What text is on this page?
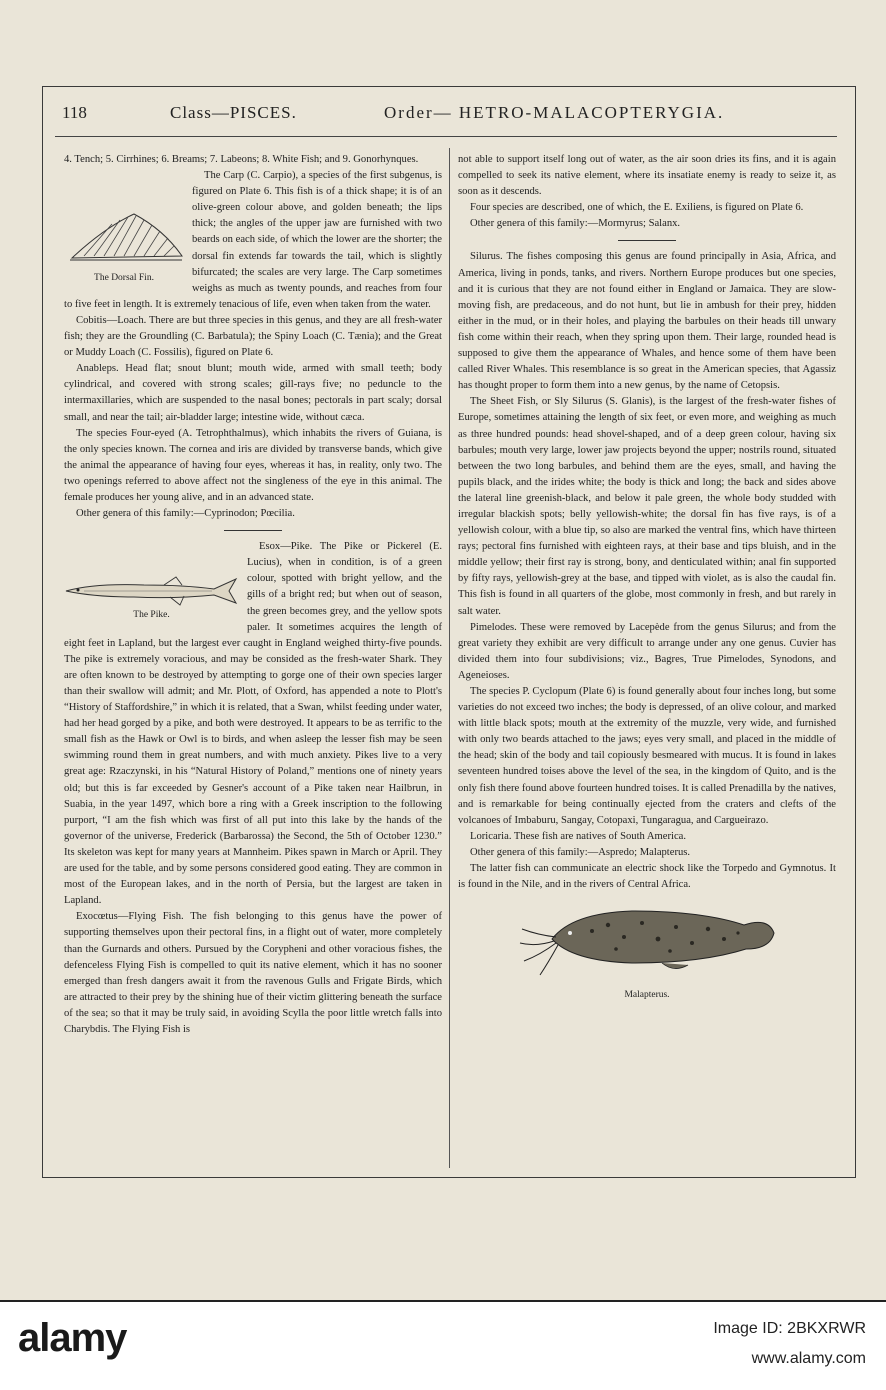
118	Class—PISCES.	Order— HETRO-MALACOPTERYGIA.

4. Tench; 5. Cirrhines; 6. Breams; 7. Labeons; 8. White Fish; and 9. Gonorhynques.

The Dorsal Fin.

The Carp (C. Carpio), a species of the first subgenus, is figured on Plate 6. This fish is of a thick shape; it is of an olive-green colour above, and golden beneath; the lips thick; the angles of the upper jaw are furnished with two beards on each side, of which the lower are the shorter; the dorsal fin extends far towards the tail, which is slightly bifurcated; the scales are very large. The Carp sometimes weighs as much as twenty pounds, and reaches from four to five feet in length. It is extremely tenacious of life, even when taken from the water.

Cobitis—Loach. There are but three species in this genus, and they are all fresh-water fish; they are the Groundling (C. Barbatula); the Spiny Loach (C. Tænia); and the Great or Muddy Loach (C. Fossilis), figured on Plate 6.

Anableps. Head flat; snout blunt; mouth wide, armed with small teeth; body cylindrical, and covered with strong scales; gill-rays five; no peduncle to the intermaxillaries, which are suspended to the nasal bones; pectorals in part scaly; dorsal small, and near the tail; air-bladder large; intestine wide, without cæca.

The species Four-eyed (A. Tetrophthalmus), which inhabits the rivers of Guiana, is the only species known. The cornea and iris are divided by transverse bands, which give the animal the appearance of having four eyes, whereas it has, in reality, only two. The two openings referred to above affect not the singleness of the eye in this animal. The female produces her young alive, and in an advanced state.

Other genera of this family:—Cyprinodon; Pœcilia.

The Pike.

Esox—Pike. The Pike or Pickerel (E. Lucius), when in condition, is of a green colour, spotted with bright yellow, and the gills of a bright red; but when out of season, the green becomes grey, and the yellow spots paler. It sometimes acquires the length of eight feet in Lapland, but the largest ever caught in England weighed thirty-five pounds. The pike is extremely voracious, and may be consided as the fresh-water Shark. They are often known to be destroyed by attempting to gorge one of their own species larger than their swallow will admit; and Mr. Plott, of Oxford, has appended a note to Plott's “History of Staffordshire,” in which it is related, that a Swan, whilst feeding under water, had her head gorged by a pike, and both were destroyed. It appears to be as terrific to the small fish as the Hawk or Owl is to birds, and when asleep the lesser fish may be seen swimming round them in great numbers, and with much anxiety. Pikes live to a very great age: Rzaczynski, in his “Natural History of Poland,” mentions one of ninety years old; but this is far exceeded by Gesner's account of a Pike taken near Hailbrun, in Suabia, in the year 1497, which bore a ring with a Greek inscription to the following purport, “I am the fish which was first of all put into this lake by the hands of the governor of the universe, Frederick (Barbarossa) the Second, the 5th of October 1230.” Its skeleton was kept for many years at Mannheim. Pikes spawn in March or April. They are used for the table, and by some persons considered good eating. They are common in most of the European lakes, and in the north of Persia, but the largest are taken in Lapland.

Exocœtus—Flying Fish. The fish belonging to this genus have the power of supporting themselves upon their pectoral fins, in a flight out of water, more completely than the Gurnards and others. Pursued by the Coryphenі and other voracious fishes, the defenceless Flying Fish is compelled to quit its native element, which it has no sooner emerged than fresh dangers await it from the ravenous Gulls and Frigate Birds, which are attracted to their prey by the shining hue of their victim glittering beneath the surface of the sea; so that it may be truly said, in avoiding Scylla the poor little wretch falls into Charybdis. The Flying Fish is

not able to support itself long out of water, as the air soon dries its fins, and it is again compelled to seek its native element, where its insatiate enemy is ready to seize it, as soon as it descends.

Four species are described, one of which, the E. Exiliens, is figured on Plate 6.

Other genera of this family:—Mormyrus; Salanx.

Silurus. The fishes composing this genus are found principally in Asia, Africa, and America, living in ponds, tanks, and rivers. Northern Europe produces but one species, and it is curious that they are not found either in England or Jamaica. They are slow-moving fish, are predaceous, and do not hunt, but lie in ambush for their prey, hidden either in the mud, or in their holes, and playing the barbules on their heads till unwary fish come within their reach, when they spring upon them. Their large, rounded head is supposed to give them the appearance of Whales, and hence some of them have been called River Whales. This resemblance is so great in the American species, that Agassiz has thought proper to form them into a new genus, by the name of Cetopsis.

The Sheet Fish, or Sly Silurus (S. Glanis), is the largest of the fresh-water fishes of Europe, sometimes attaining the length of six feet, or even more, and weighing as much as three hundred pounds: head shovel-shaped, and of a deep green colour, having six barbules; mouth very large, lower jaw projects beyond the upper; nostrils round, situated between the two long barbules, and behind them are the eyes, small, and having the pupils black, and the irides white; the body is thick and long; the back and sides above the lateral line greenish-black, and below it pale green, the whole body studded with irregular blackish spots; belly yellowish-white; the dorsal fin has five rays, is of a yellowish colour, with a blue tip, so also are marked the ventral fins, which have thirteen rays; pectoral fins furnished with eighteen rays, at their base and tips bluish, and in the middle yellow; their first ray is strong, bony, and denticulated within; anal fin supported by fifty rays, yellowish-grey at the base, and tipped with violet, as is also the caudal fin. This fish is found in all quarters of the globe, most commonly in fresh, and but rarely in salt water.

Pimelodes. These were removed by Lacepède from the genus Silurus; and from the great variety they exhibit are very difficult to arrange under any one genus. Cuvier has divided them into four subdivisions; viz., Bagres, True Pimelodes, Synodons, and Ageneioses.

The species P. Cyclopum (Plate 6) is found generally about four inches long, but some varieties do not exceed two inches; the body is depressed, of an olive colour, and marked with little black spots; mouth at the extremity of the muzzle, very wide, and furnished with only two beards attached to the jaws; eyes very small, and placed in the middle of the head; skin of the body and tail copiously besmeared with mucus. It is found in lakes seventeen hundred toises above the level of the sea, in the kingdom of Quito, and is the only fish there found above fourteen hundred toises. It is called Prenadilla by the natives, and is remarkable for being continually ejected from the craters and clefts of the volcanoes of Imbaburu, Sangay, Cotopaxi, Tungaragua, and Cargueirazo.

Loricaria. These fish are natives of South America.

Other genera of this family:—Aspredo; Malapterus.

The latter fish can communicate an electric shock like the Torpedo and Gymnotus. It is found in the Nile, and in the rivers of Central Africa.

Malapterus.
alamy	Image ID: 2BKXRWR
www.alamy.com
